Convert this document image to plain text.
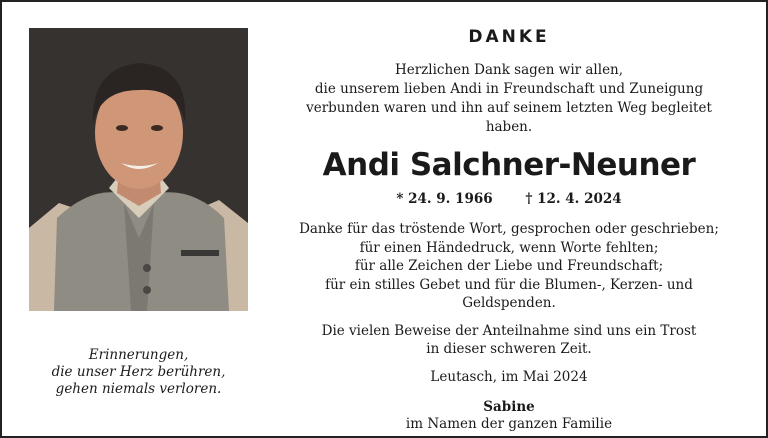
Erinnerungen,
die unser Herz berühren,
gehen niemals verloren.
DANKE
Herzlichen Dank sagen wir allen,
die unserem lieben Andi in Freundschaft und Zuneigung
verbunden waren und ihn auf seinem letzten Weg begleitet haben.
Andi Salchner-Neuner
* 24. 9. 1966 † 12. 4. 2024
Danke für das tröstende Wort, gesprochen oder geschrieben;
für einen Händedruck, wenn Worte fehlten;
für alle Zeichen der Liebe und Freundschaft;
für ein stilles Gebet und für die Blumen-, Kerzen- und
Geldspenden.
Die vielen Beweise der Anteilnahme sind uns ein Trost
in dieser schweren Zeit.
Leutasch, im Mai 2024
Sabine
im Namen der ganzen Familie
